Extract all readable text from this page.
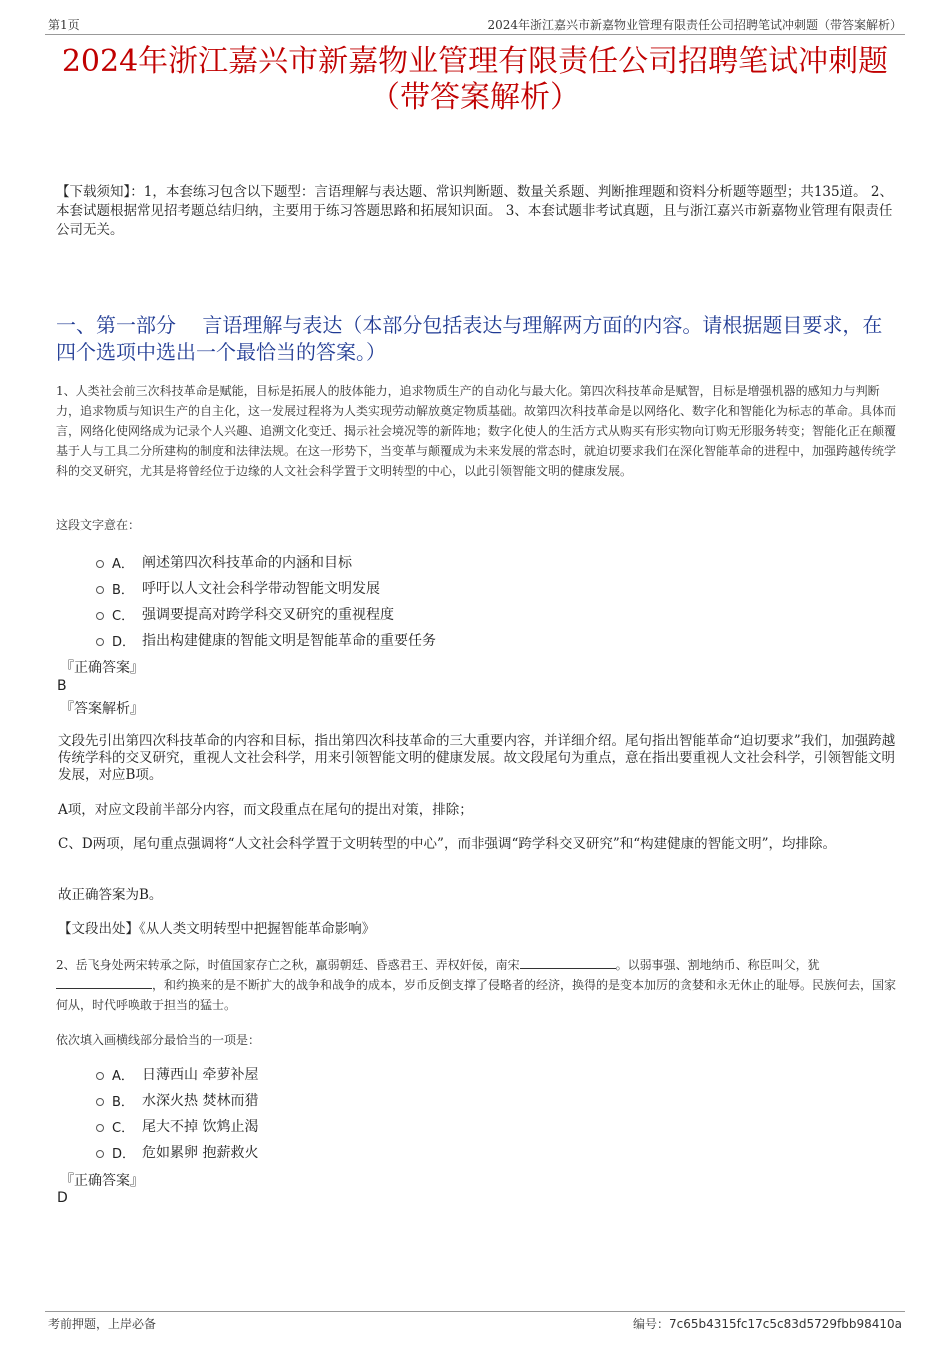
第1页	2024年浙江嘉兴市新嘉物业管理有限责任公司招聘笔试冲刺题（带答案解析）
2024年浙江嘉兴市新嘉物业管理有限责任公司招聘笔试冲刺题
（带答案解析）
【下载须知】：1，本套练习包含以下题型：言语理解与表达题、常识判断题、数量关系题、判断推理题和资料分析题等题型；共135道。 2、本套试题根据常见招考题总结归纳，主要用于练习答题思路和拓展知识面。 3、本套试题非考试真题，且与浙江嘉兴市新嘉物业管理有限责任公司无关。
一、第一部分　 言语理解与表达（本部分包括表达与理解两方面的内容。请根据题目要求，在四个选项中选出一个最恰当的答案。）
1、人类社会前三次科技革命是赋能，目标是拓展人的肢体能力，追求物质生产的自动化与最大化。第四次科技革命是赋智，目标是增强机器的感知力与判断力，追求物质与知识生产的自主化，这一发展过程将为人类实现劳动解放奠定物质基础。故第四次科技革命是以网络化、数字化和智能化为标志的革命。具体而言，网络化使网络成为记录个人兴趣、追溯文化变迁、揭示社会境况等的新阵地；数字化使人的生活方式从购买有形实物向订购无形服务转变；智能化正在颠覆基于人与工具二分所建构的制度和法律法规。在这一形势下，当变革与颠覆成为未来发展的常态时，就迫切要求我们在深化智能革命的进程中，加强跨越传统学科的交叉研究，尤其是将曾经位于边缘的人文社会科学置于文明转型的中心，以此引领智能文明的健康发展。
这段文字意在：
A． 阐述第四次科技革命的内涵和目标
B． 呼吁以人文社会科学带动智能文明发展
C． 强调要提高对跨学科交叉研究的重视程度
D． 指出构建健康的智能文明是智能革命的重要任务
『正确答案』
B
『答案解析』
文段先引出第四次科技革命的内容和目标，指出第四次科技革命的三大重要内容，并详细介绍。尾句指出智能革命“迫切要求”我们，加强跨越传统学科的交叉研究，重视人文社会科学，用来引领智能文明的健康发展。故文段尾句为重点，意在指出要重视人文社会科学，引领智能文明发展，对应B项。
A项，对应文段前半部分内容，而文段重点在尾句的提出对策，排除；
C、D两项，尾句重点强调将“人文社会科学置于文明转型的中心”，而非强调“跨学科交叉研究”和“构建健康的智能文明”，均排除。
故正确答案为B。
【文段出处】《从人类文明转型中把握智能革命影响》
2、岳飞身处两宋转承之际，时值国家存亡之秋，羸弱朝廷、昏惑君王、弄权奸佞，南宋	。以弱事强、割地纳币、称臣叫父，犹，和约换来的是不断扩大的战争和战争的成本，岁币反倒支撑了侵略者的经济，换得的是变本加厉的贪婪和永无休止的耻辱。民族何去，国家何从，时代呼唤敢于担当的猛士。
依次填入画横线部分最恰当的一项是：
A． 日薄西山 牵萝补屋
B． 水深火热 焚林而猎
C． 尾大不掉 饮鸩止渴
D． 危如累卵 抱薪救火
『正确答案』
D
考前押题，上岸必备	编号：7c65b4315fc17c5c83d5729fbb98410a
